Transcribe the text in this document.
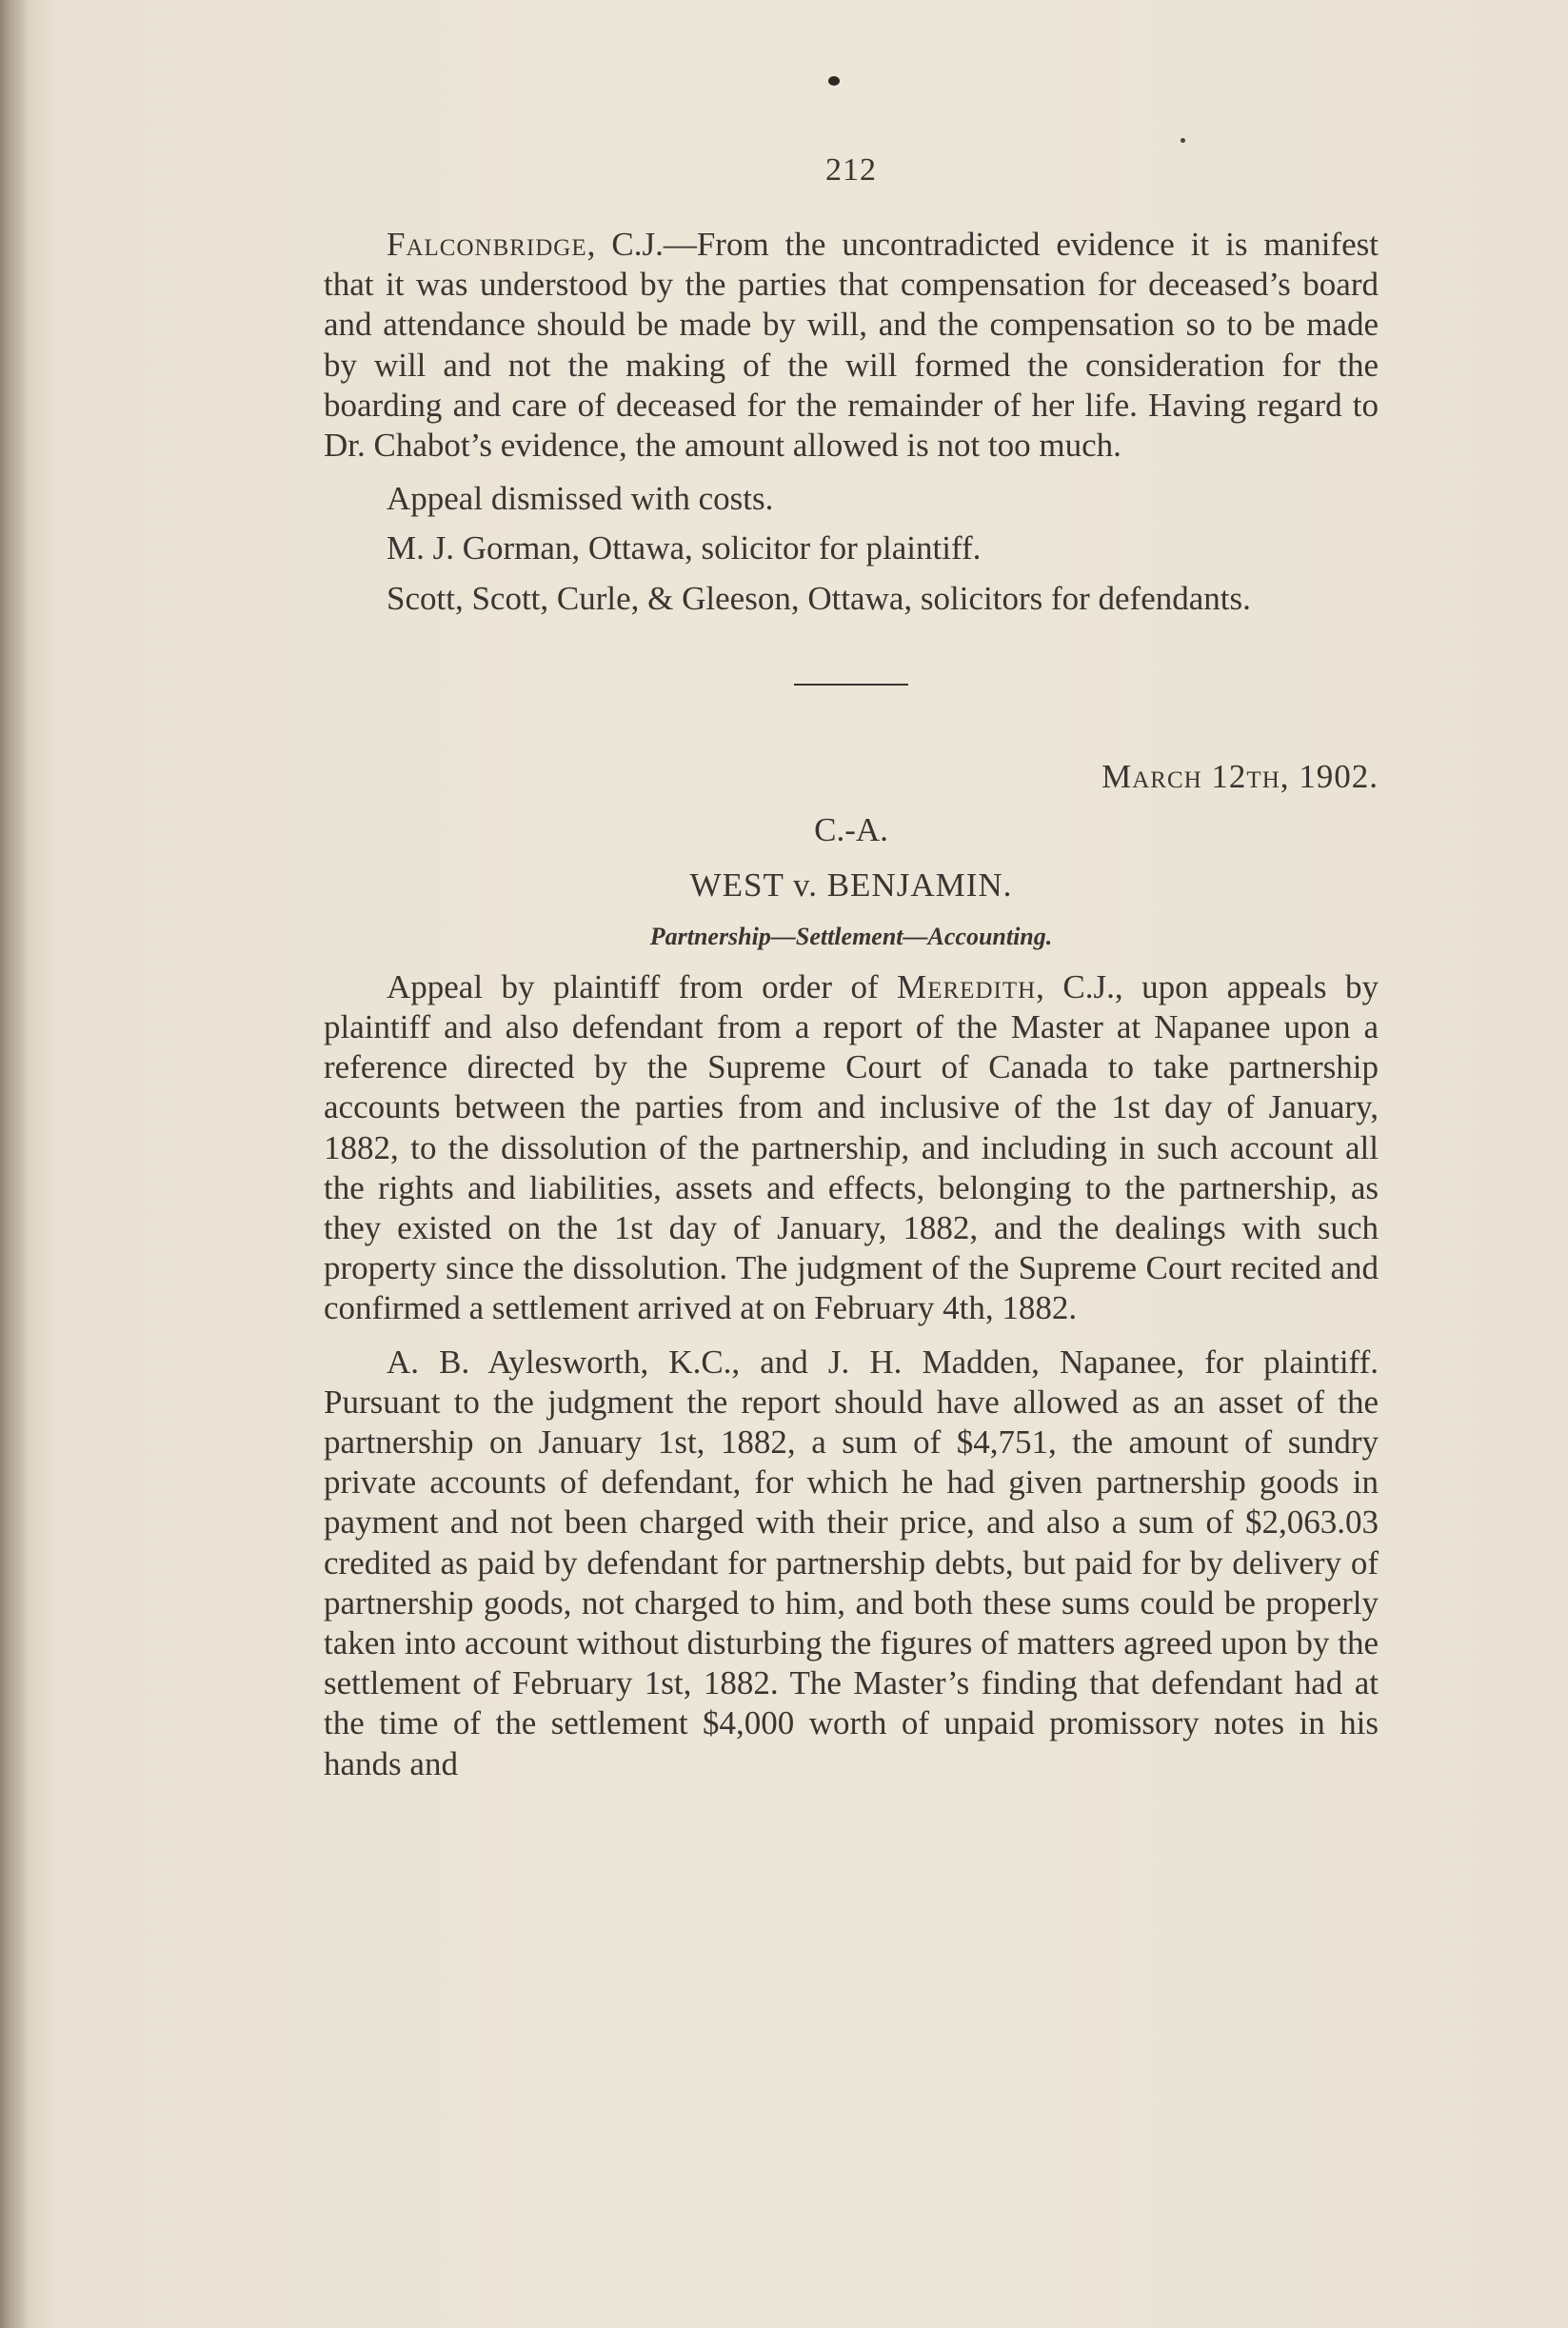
212

Falconbridge, C.J.—From the uncontradicted evidence it is manifest that it was understood by the parties that compensation for deceased’s board and attendance should be made by will, and the compensation so to be made by will and not the making of the will formed the consideration for the boarding and care of deceased for the remainder of her life. Having regard to Dr. Chabot’s evidence, the amount allowed is not too much.

Appeal dismissed with costs.

M. J. Gorman, Ottawa, solicitor for plaintiff.

Scott, Scott, Curle, & Gleeson, Ottawa, solicitors for defendants.

March 12th, 1902.
C.-A.
WEST v. BENJAMIN.
Partnership—Settlement—Accounting.

Appeal by plaintiff from order of Meredith, C.J., upon appeals by plaintiff and also defendant from a report of the Master at Napanee upon a reference directed by the Supreme Court of Canada to take partnership accounts between the parties from and inclusive of the 1st day of January, 1882, to the dissolution of the partnership, and including in such account all the rights and liabilities, assets and effects, belonging to the partnership, as they existed on the 1st day of January, 1882, and the dealings with such property since the dissolution. The judgment of the Supreme Court recited and confirmed a settlement arrived at on February 4th, 1882.

A. B. Aylesworth, K.C., and J. H. Madden, Napanee, for plaintiff. Pursuant to the judgment the report should have allowed as an asset of the partnership on January 1st, 1882, a sum of $4,751, the amount of sundry private accounts of defendant, for which he had given partnership goods in payment and not been charged with their price, and also a sum of $2,063.03 credited as paid by defendant for partnership debts, but paid for by delivery of partnership goods, not charged to him, and both these sums could be properly taken into account without disturbing the figures of matters agreed upon by the settlement of February 1st, 1882. The Master’s finding that defendant had at the time of the settlement $4,000 worth of unpaid promissory notes in his hands and
